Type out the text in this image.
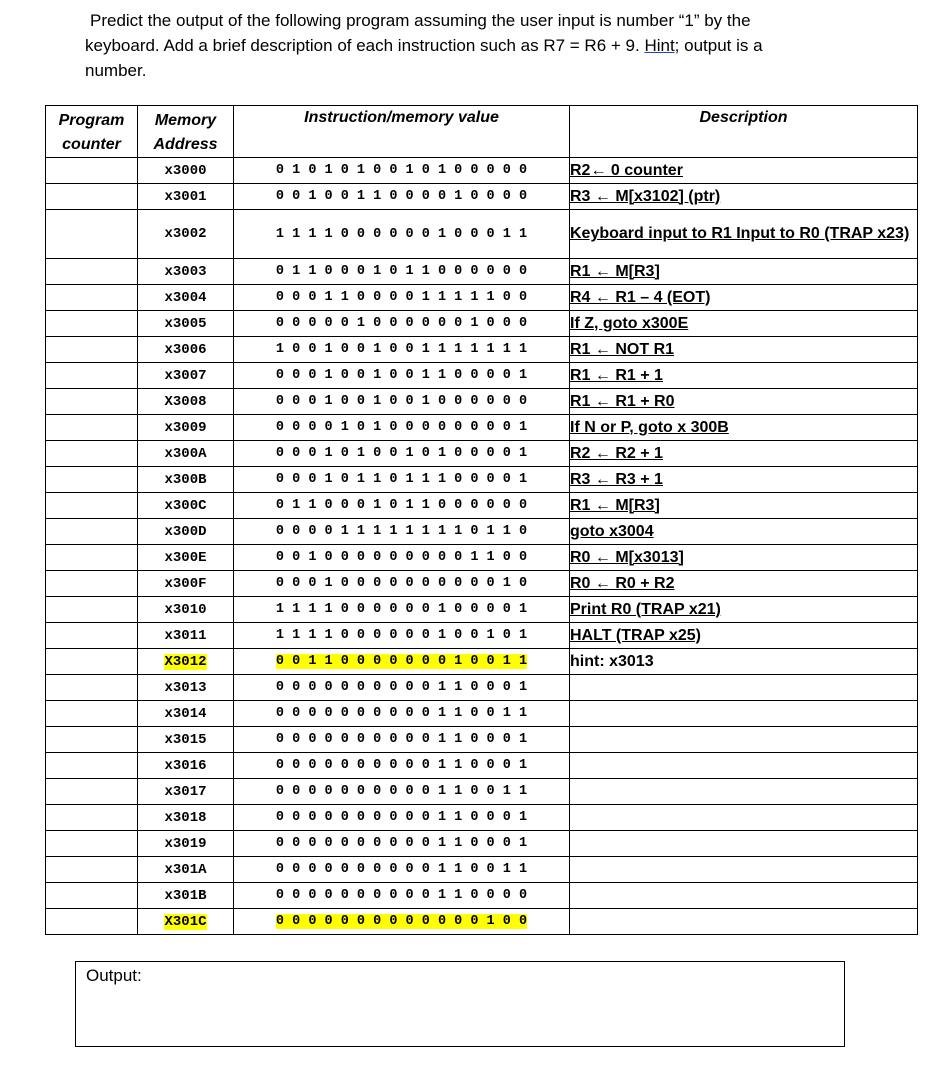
Predict the output of the following program assuming the user input is number “1” by the
keyboard. Add a brief description of each instruction such as R7 = R6 + 9. Hint; output is a
number.
Program
counter	Memory
Address	Instruction/memory value	Description
	x3000	0 1 0 1 0 1 0 0 1 0 1 0 0 0 0 0	R2← 0 counter
	x3001	0 0 1 0 0 1 1 0 0 0 0 1 0 0 0 0	R3 ← M[x3102] (ptr)
	x3002	1 1 1 1 0 0 0 0 0 0 1 0 0 0 1 1	Keyboard input to R1 Input to R0 (TRAP x23)
	x3003	0 1 1 0 0 0 1 0 1 1 0 0 0 0 0 0	R1 ← M[R3]
	x3004	0 0 0 1 1 0 0 0 0 1 1 1 1 1 0 0	R4 ← R1 – 4 (EOT)
	x3005	0 0 0 0 0 1 0 0 0 0 0 0 1 0 0 0	If Z, goto x300E
	x3006	1 0 0 1 0 0 1 0 0 1 1 1 1 1 1 1	R1 ← NOT R1
	x3007	0 0 0 1 0 0 1 0 0 1 1 0 0 0 0 1	R1 ← R1 + 1
	X3008	0 0 0 1 0 0 1 0 0 1 0 0 0 0 0 0	R1 ← R1 + R0
	x3009	0 0 0 0 1 0 1 0 0 0 0 0 0 0 0 1	If N or P, goto x 300B
	x300A	0 0 0 1 0 1 0 0 1 0 1 0 0 0 0 1	R2 ← R2 + 1
	x300B	0 0 0 1 0 1 1 0 1 1 1 0 0 0 0 1	R3 ← R3 + 1
	x300C	0 1 1 0 0 0 1 0 1 1 0 0 0 0 0 0	R1 ← M[R3]
	x300D	0 0 0 0 1 1 1 1 1 1 1 1 0 1 1 0	goto x3004
	x300E	0 0 1 0 0 0 0 0 0 0 0 0 1 1 0 0	R0 ← M[x3013]
	x300F	0 0 0 1 0 0 0 0 0 0 0 0 0 0 1 0	R0 ← R0 + R2
	x3010	1 1 1 1 0 0 0 0 0 0 1 0 0 0 0 1	Print R0 (TRAP x21)
	x3011	1 1 1 1 0 0 0 0 0 0 1 0 0 1 0 1	HALT (TRAP x25)
	X3012	0 0 1 1 0 0 0 0 0 0 0 1 0 0 1 1	hint: x3013
	x3013	0 0 0 0 0 0 0 0 0 0 1 1 0 0 0 1	
	x3014	0 0 0 0 0 0 0 0 0 0 1 1 0 0 1 1	
	x3015	0 0 0 0 0 0 0 0 0 0 1 1 0 0 0 1	
	x3016	0 0 0 0 0 0 0 0 0 0 1 1 0 0 0 1	
	x3017	0 0 0 0 0 0 0 0 0 0 1 1 0 0 1 1	
	x3018	0 0 0 0 0 0 0 0 0 0 1 1 0 0 0 1	
	x3019	0 0 0 0 0 0 0 0 0 0 1 1 0 0 0 1	
	x301A	0 0 0 0 0 0 0 0 0 0 1 1 0 0 1 1	
	x301B	0 0 0 0 0 0 0 0 0 0 1 1 0 0 0 0	
	X301C	0 0 0 0 0 0 0 0 0 0 0 0 0 1 0 0	
Output:
